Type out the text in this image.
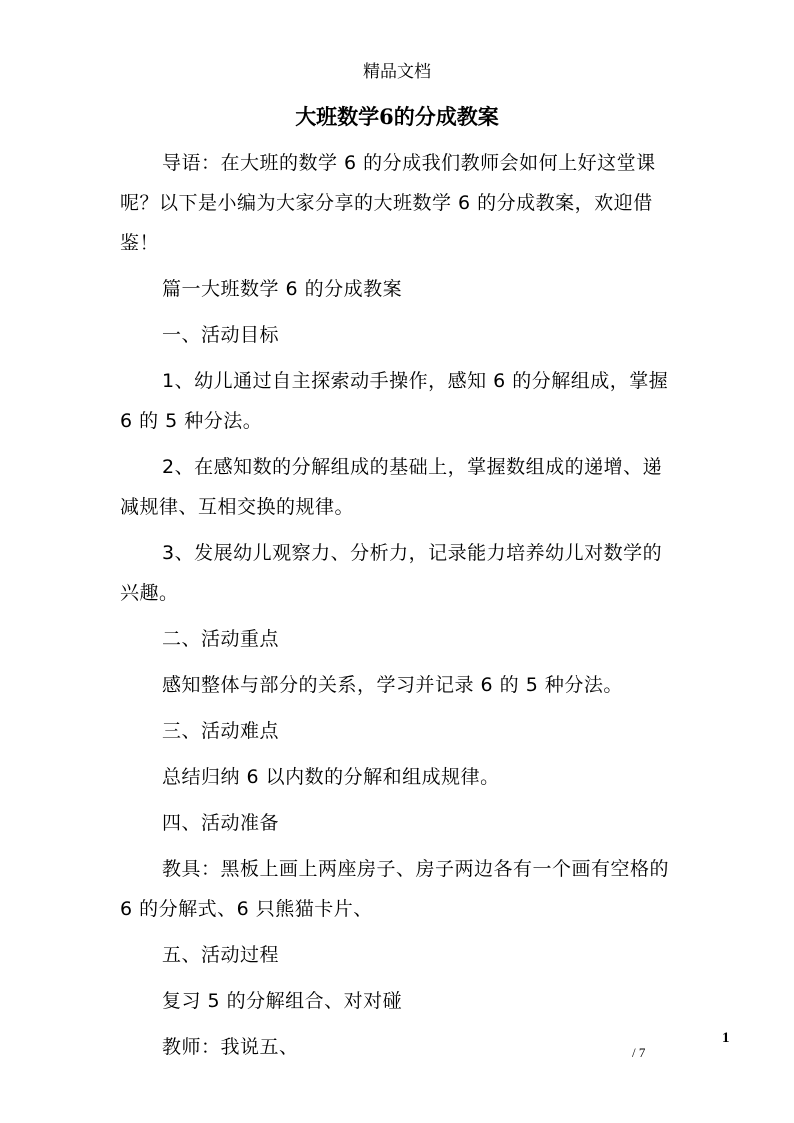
精品文档
大班数学6的分成教案

导语：在大班的数学 6 的分成我们教师会如何上好这堂课呢？以下是小编为大家分享的大班数学 6 的分成教案，欢迎借鉴！

篇一大班数学 6 的分成教案

一、活动目标

1、幼儿通过自主探索动手操作，感知 6 的分解组成，掌握 6 的 5 种分法。

2、在感知数的分解组成的基础上，掌握数组成的递增、递减规律、互相交换的规律。

3、发展幼儿观察力、分析力，记录能力培养幼儿对数学的兴趣。

二、活动重点

感知整体与部分的关系，学习并记录 6 的 5 种分法。

三、活动难点

总结归纳 6 以内数的分解和组成规律。

四、活动准备

教具：黑板上画上两座房子、房子两边各有一个画有空格的 6 的分解式、6 只熊猫卡片、

五、活动过程

复习 5 的分解组合、对对碰

教师：我说五、	1
/ 7
